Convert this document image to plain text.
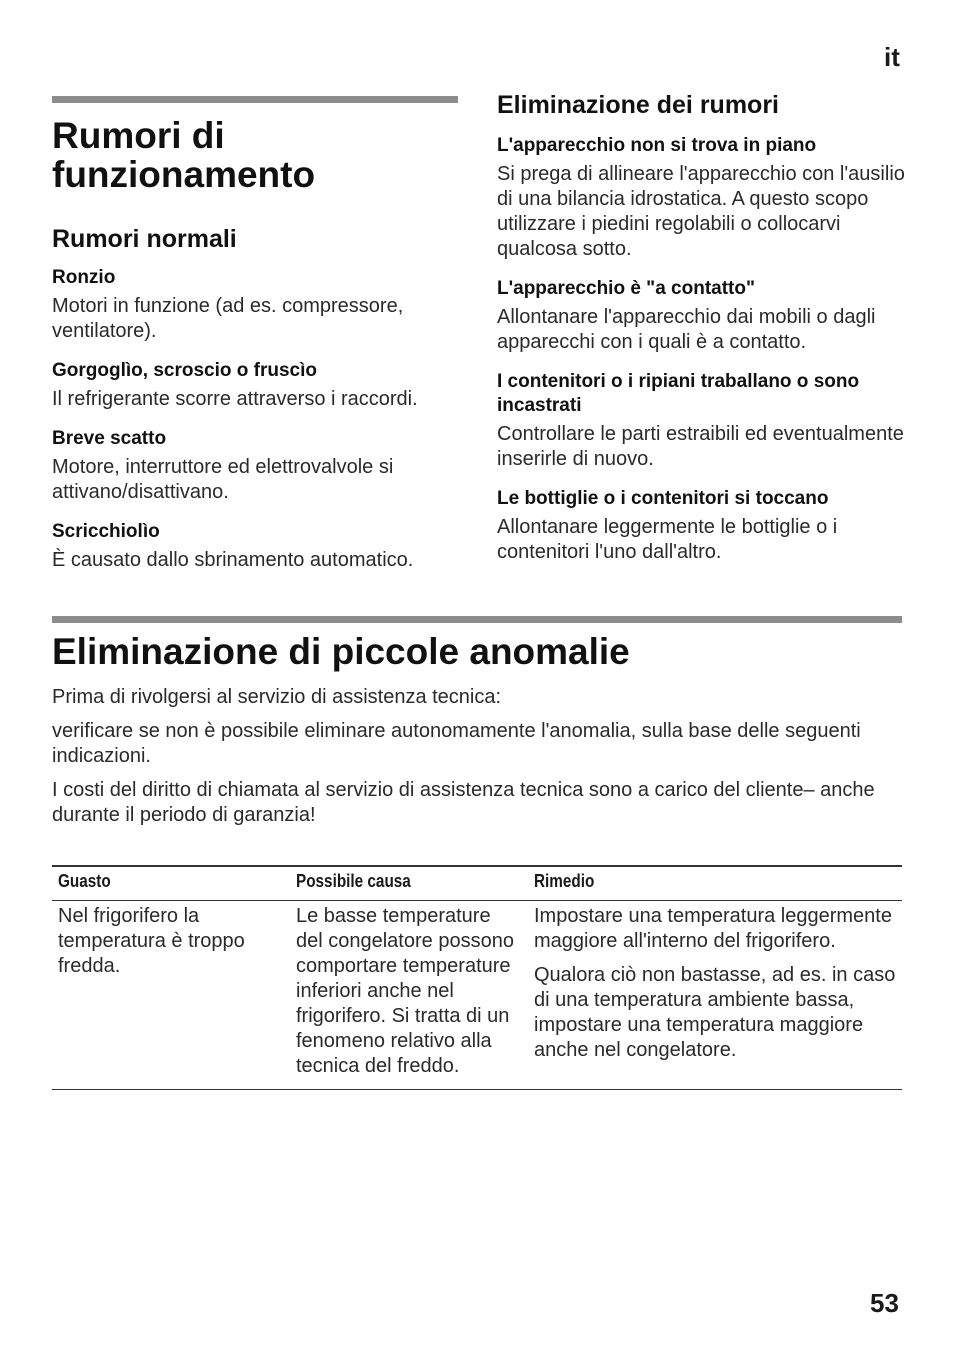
it
Rumori di funzionamento
Rumori normali
Ronzio

Motori in funzione (ad es. compressore, ventilatore).

Gorgoglìo, scroscio o fruscìo

Il refrigerante scorre attraverso i raccordi.

Breve scatto

Motore, interruttore ed elettrovalvole si attivano/disattivano.

Scricchiolìo

È causato dallo sbrinamento automatico.

Eliminazione dei rumori
L'apparecchio non si trova in piano

Si prega di allineare l'apparecchio con l'ausilio di una bilancia idrostatica. A questo scopo utilizzare i piedini regolabili o collocarvi qualcosa sotto.

L'apparecchio è "a contatto"

Allontanare l'apparecchio dai mobili o dagli apparecchi con i quali è a contatto.

I contenitori o i ripiani traballano o sono incastrati

Controllare le parti estraibili ed eventualmente inserirle di nuovo.

Le bottiglie o i contenitori si toccano

Allontanare leggermente le bottiglie o i contenitori l'uno dall'altro.

Eliminazione di piccole anomalie

Prima di rivolgersi al servizio di assistenza tecnica:

verificare se non è possibile eliminare autonomamente l'anomalia, sulla base delle seguenti indicazioni.

I costi del diritto di chiamata al servizio di assistenza tecnica sono a carico del cliente– anche durante il periodo di garanzia!

Guasto	Possibile causa	Rimedio
Nel frigorifero la temperatura è troppo fredda.	Le basse temperature del congelatore possono comportare temperature inferiori anche nel frigorifero. Si tratta di un fenomeno relativo alla tecnica del freddo.	Impostare una temperatura leggermente maggiore all'interno del frigorifero.

Qualora ciò non bastasse, ad es. in caso di una temperatura ambiente bassa, impostare una temperatura maggiore anche nel congelatore.

53
